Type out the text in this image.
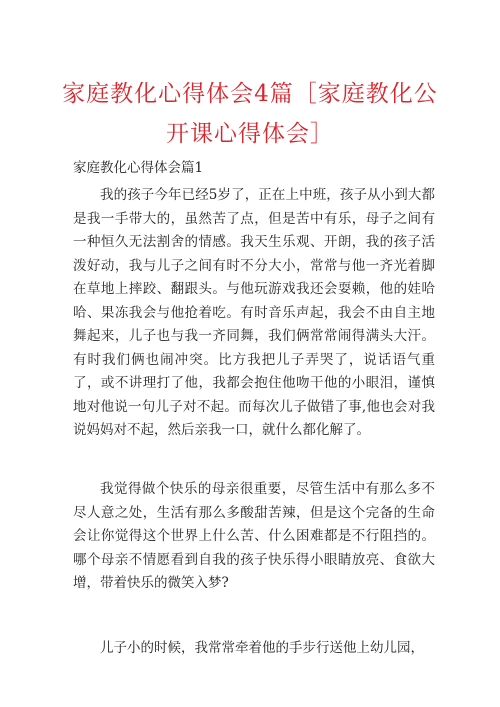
家庭教化心得体会4篇［家庭教化公开课心得体会］
家庭教化心得体会篇1

我的孩子今年已经5岁了，正在上中班，孩子从小到大都是我一手带大的，虽然苦了点，但是苦中有乐，母子之间有一种恒久无法割舍的情感。我天生乐观、开朗，我的孩子活泼好动，我与儿子之间有时不分大小，常常与他一齐光着脚在草地上摔跤、翻跟头。与他玩游戏我还会耍赖，他的娃哈哈、果冻我会与他抢着吃。有时音乐声起，我会不由自主地舞起来，儿子也与我一齐同舞，我们俩常常闹得满头大汗。有时我们俩也闹冲突。比方我把儿子弄哭了，说话语气重了，或不讲理打了他，我都会抱住他吻干他的小眼泪，谨慎地对他说一句儿子对不起。而每次儿子做错了事,他也会对我说妈妈对不起，然后亲我一口，就什么都化解了。

我觉得做个快乐的母亲很重要，尽管生活中有那么多不尽人意之处，生活有那么多酸甜苦辣，但是这个完备的生命会让你觉得这个世界上什么苦、什么困难都是不行阻挡的。哪个母亲不情愿看到自我的孩子快乐得小眼睛放亮、食欲大增，带着快乐的微笑入梦?

儿子小的时候，我常常牵着他的手步行送他上幼儿园，
